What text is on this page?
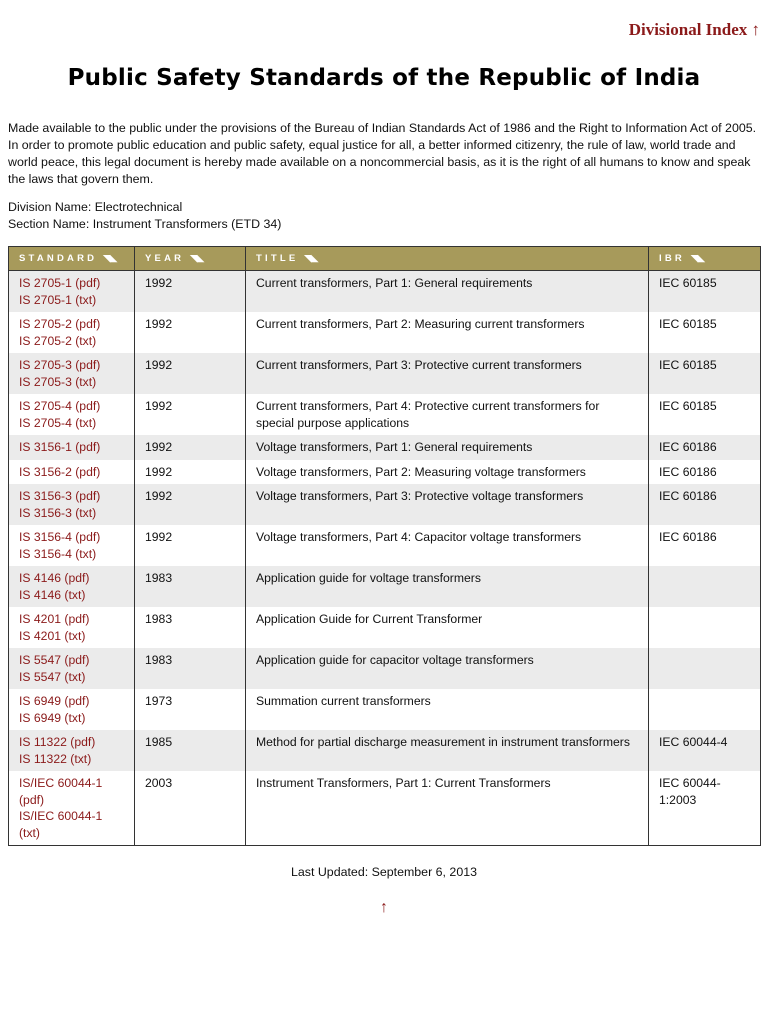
Divisional Index ↑
Public Safety Standards of the Republic of India

Made available to the public under the provisions of the Bureau of Indian Standards Act of 1986 and the Right to Information Act of 2005. In order to promote public education and public safety, equal justice for all, a better informed citizenry, the rule of law, world trade and world peace, this legal document is hereby made available on a noncommercial basis, as it is the right of all humans to know and speak the laws that govern them.

Division Name: Electrotechnical
Section Name: Instrument Transformers (ETD 34)
STANDARD ◥◣	YEAR ◥◣	TITLE ◥◣	IBR ◥◣

IS 2705-1 (pdf)
IS 2705-1 (txt)	1992	Current transformers, Part 1: General requirements	IEC 60185

IS 2705-2 (pdf)
IS 2705-2 (txt)	1992	Current transformers, Part 2: Measuring current transformers	IEC 60185

IS 2705-3 (pdf)
IS 2705-3 (txt)	1992	Current transformers, Part 3: Protective current transformers	IEC 60185

IS 2705-4 (pdf)
IS 2705-4 (txt)	1992	Current transformers, Part 4: Protective current transformers for special purpose applications	IEC 60185

IS 3156-1 (pdf)	1992	Voltage transformers, Part 1: General requirements	IEC 60186

IS 3156-2 (pdf)	1992	Voltage transformers, Part 2: Measuring voltage transformers	IEC 60186

IS 3156-3 (pdf)
IS 3156-3 (txt)	1992	Voltage transformers, Part 3: Protective voltage transformers	IEC 60186

IS 3156-4 (pdf)
IS 3156-4 (txt)	1992	Voltage transformers, Part 4: Capacitor voltage transformers	IEC 60186

IS 4146 (pdf)
IS 4146 (txt)	1983	Application guide for voltage transformers	

IS 4201 (pdf)
IS 4201 (txt)	1983	Application Guide for Current Transformer	

IS 5547 (pdf)
IS 5547 (txt)	1983	Application guide for capacitor voltage transformers	

IS 6949 (pdf)
IS 6949 (txt)	1973	Summation current transformers	

IS 11322 (pdf)
IS 11322 (txt)	1985	Method for partial discharge measurement in instrument transformers	IEC 60044-4

IS/IEC 60044-1 (pdf)
IS/IEC 60044-1 (txt)	2003	Instrument Transformers, Part 1: Current Transformers	IEC 60044-1:2003
Last Updated: September 6, 2013
↑
